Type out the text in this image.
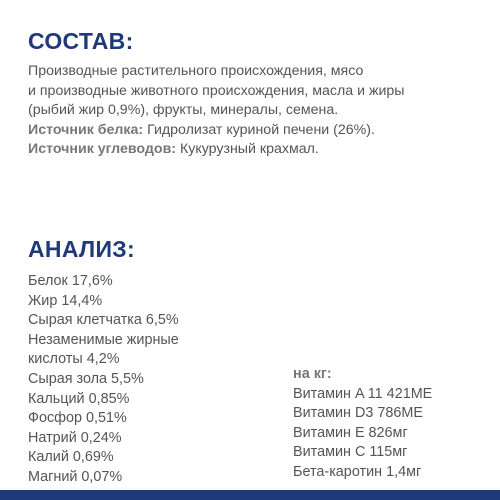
СОСТАВ:

Производные растительного происхождения, мясо

и производные животного происхождения, масла и жиры

(рыбий жир 0,9%), фрукты, минералы, семена.

Источник белка: Гидролизат куриной печени (26%).

Источник углеводов: Кукурузный крахмал.

АНАЛИЗ:
Белок 17,6%
Жир 14,4%
Сырая клетчатка 6,5%
Незаменимые жирные
кислоты 4,2%
Сырая зола 5,5%
Кальций 0,85%
Фосфор 0,51%
Натрий 0,24%
Калий 0,69%
Магний 0,07%
на кг:
Витамин A 11 421МЕ
Витамин D3 786МЕ
Витамин E 826мг
Витамин C 115мг
Бета-каротин 1,4мг
